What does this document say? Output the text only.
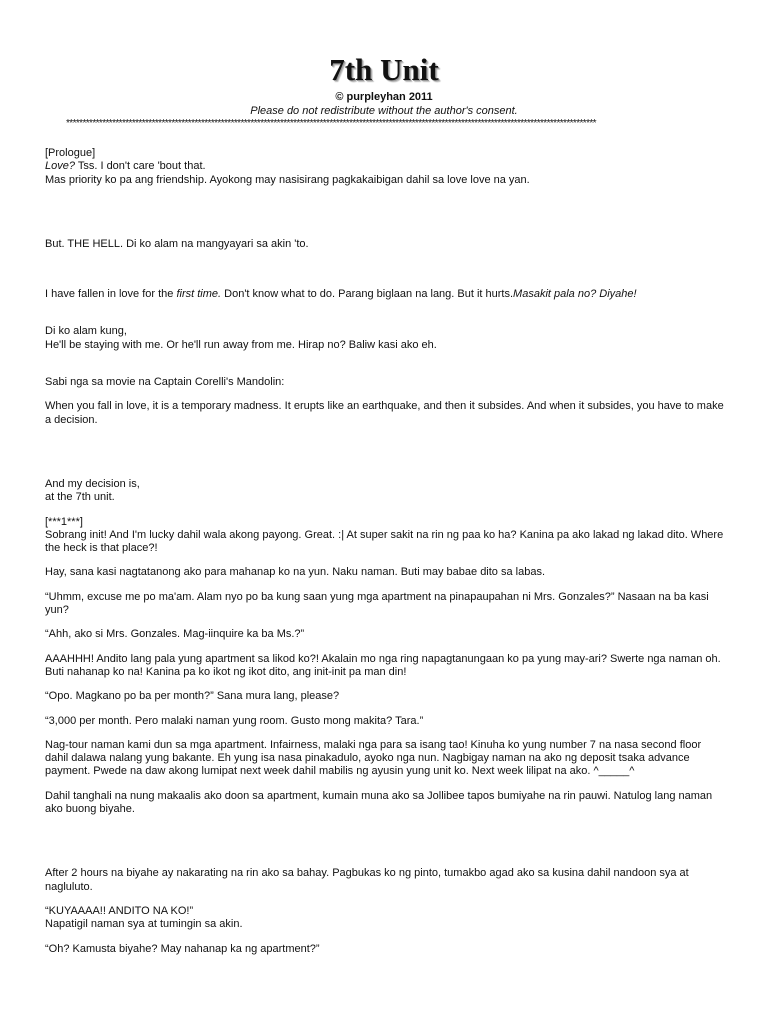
7th Unit
© purpleyhan 2011
Please do not redistribute without the author's consent.
*****************************************************************************************************************************************************************
[Prologue]
Love? Tss. I don't care 'bout that.
Mas priority ko pa ang friendship. Ayokong may nasisirang pagkakaibigan dahil sa love love na yan.
But. THE HELL. Di ko alam na mangyayari sa akin 'to.
I have fallen in love for the first time. Don't know what to do. Parang biglaan na lang. But it hurts.Masakit pala no? Diyahe!
Di ko alam kung,
He'll be staying with me. Or he'll run away from me. Hirap no? Baliw kasi ako eh.
Sabi nga sa movie na Captain Corelli's Mandolin:
When you fall in love, it is a temporary madness. It erupts like an earthquake, and then it subsides. And when it subsides, you have to make a decision.
And my decision is,
at the 7th unit.
[***1***]
Sobrang init! And I'm lucky dahil wala akong payong. Great. :| At super sakit na rin ng paa ko ha? Kanina pa ako lakad ng lakad dito. Where the heck is that place?!
Hay, sana kasi nagtatanong ako para mahanap ko na yun. Naku naman. Buti may babae dito sa labas.
“Uhmm, excuse me po ma'am. Alam nyo po ba kung saan yung mga apartment na pinapaupahan ni Mrs. Gonzales?” Nasaan na ba kasi yun?
“Ahh, ako si Mrs. Gonzales. Mag-iinquire ka ba Ms.?”
AAAHHH! Andito lang pala yung apartment sa likod ko?! Akalain mo nga ring napagtanungaan ko pa yung may-ari? Swerte nga naman oh. Buti nahanap ko na! Kanina pa ko ikot ng ikot dito, ang init-init pa man din!
“Opo. Magkano po ba per month?” Sana mura lang, please?
“3,000 per month. Pero malaki naman yung room. Gusto mong makita? Tara.”
Nag-tour naman kami dun sa mga apartment. Infairness, malaki nga para sa isang tao! Kinuha ko yung number 7 na nasa second floor dahil dalawa nalang yung bakante. Eh yung isa nasa pinakadulo, ayoko nga nun. Nagbigay naman na ako ng deposit tsaka advance payment. Pwede na daw akong lumipat next week dahil mabilis ng ayusin yung unit ko. Next week lilipat na ako. ^_____^
Dahil tanghali na nung makaalis ako doon sa apartment, kumain muna ako sa Jollibee tapos bumiyahe na rin pauwi. Natulog lang naman ako buong biyahe.
After 2 hours na biyahe ay nakarating na rin ako sa bahay. Pagbukas ko ng pinto, tumakbo agad ako sa kusina dahil nandoon sya at nagluluto.
“KUYAAAA!! ANDITO NA KO!”
Napatigil naman sya at tumingin sa akin.
“Oh? Kamusta biyahe? May nahanap ka ng apartment?”
